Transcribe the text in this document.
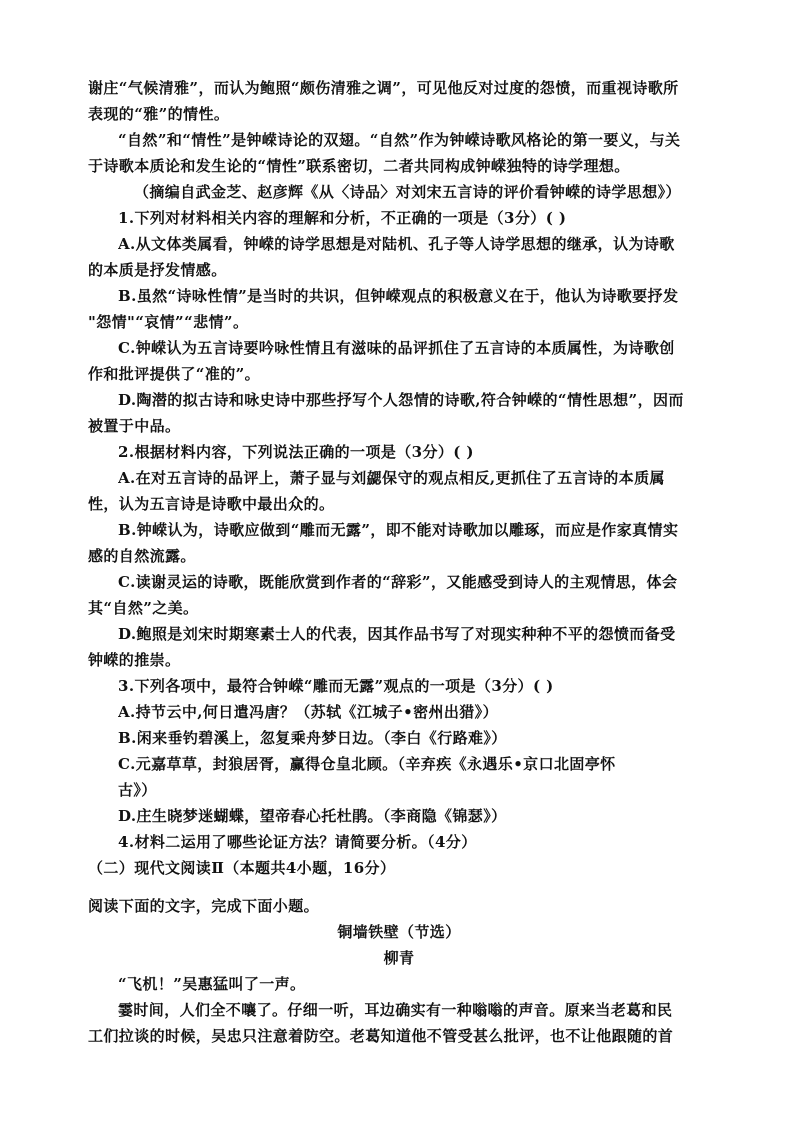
谢庄“气候清雅”，而认为鲍照“颇伤清雅之调”，可见他反对过度的怨愤，而重视诗歌所
表现的“雅”的情性。
“自然”和“情性”是钟嵘诗论的双翅。“自然”作为钟嵘诗歌风格论的第一要义，与关
于诗歌本质论和发生论的“情性”联系密切，二者共同构成钟嵘独特的诗学理想。
（摘编自武金芝、赵彦辉《从〈诗品〉对刘宋五言诗的评价看钟嵘的诗学思想》）
1.下列对材料相关内容的理解和分析，不正确的一项是（3分）( )
A.从文体类属看，钟嵘的诗学思想是对陆机、孔子等人诗学思想的继承，认为诗歌
的本质是抒发情感。
B.虽然“诗咏性情”是当时的共识，但钟嵘观点的积极意义在于，他认为诗歌要抒发
"怨情"“哀情”“悲情”。
C.钟嵘认为五言诗要吟咏性情且有滋味的品评抓住了五言诗的本质属性，为诗歌创
作和批评提供了“准的”。
D.陶潜的拟古诗和咏史诗中那些抒写个人怨情的诗歌,符合钟嵘的“情性思想”，因而
被置于中品。
2.根据材料内容，下列说法正确的一项是（3分）( )
A.在对五言诗的品评上，萧子显与刘勰保守的观点相反,更抓住了五言诗的本质属
性，认为五言诗是诗歌中最出众的。
B.钟嵘认为，诗歌应做到“雕而无露”，即不能对诗歌加以雕琢，而应是作家真情实
感的自然流露。
C.读谢灵运的诗歌，既能欣赏到作者的“辞彩”，又能感受到诗人的主观情思，体会
其“自然”之美。
D.鲍照是刘宋时期寒素士人的代表，因其作品书写了对现实种种不平的怨愤而备受
钟嵘的推崇。
3.下列各项中，最符合钟嵘“雕而无露”观点的一项是（3分）( )
A.持节云中,何日遣冯唐？（苏轼《江城子•密州出猎》）
B.闲来垂钓碧溪上，忽复乘舟梦日边。（李白《行路难》）
C.元嘉草草，封狼居胥，赢得仓皇北顾。（辛弃疾《永遇乐•京口北固亭怀
古》）
D.庄生晓梦迷蝴蝶，望帝春心托杜鹃。（李商隐《锦瑟》）
4.材料二运用了哪些论证方法？请简要分析。（4分）
（二）现代文阅读Ⅱ（本题共4小题，16分）
阅读下面的文字，完成下面小题。
铜墙铁壁（节选）
柳青
“飞机！”吴惠猛叫了一声。
霎时间，人们全不嚷了。仔细一听，耳边确实有一种嗡嗡的声音。原来当老葛和民
工们拉谈的时候，吴忠只注意着防空。老葛知道他不管受甚么批评，也不让他跟随的首
